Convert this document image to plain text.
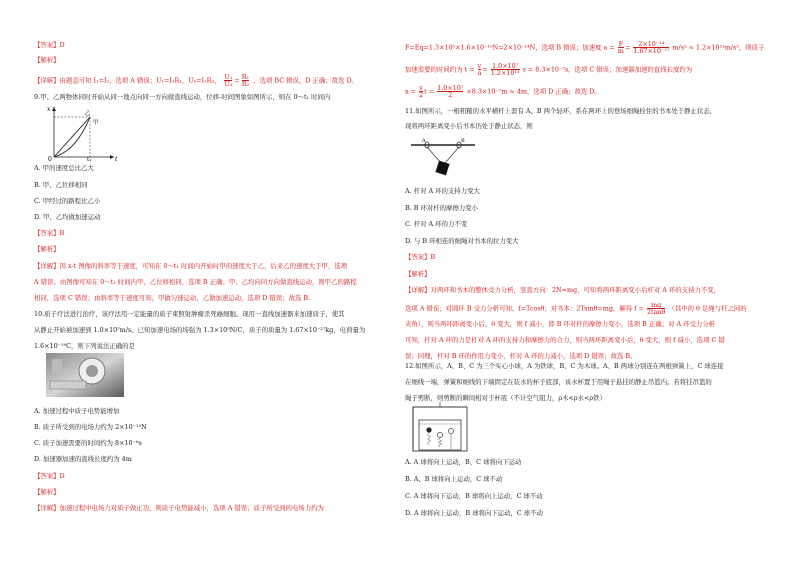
【答案】D
【解析】
【详解】由题意可知 I₁=I₂，选项 A 错误；U₁=I₁R₁，U₂=I₂R₂， $\frac{\text{U₁}}{\text{U₂}} = \frac{\text{R₁}}{\text{R₂}}$ ，选项 BC 错误，D 正确；故选 D。
9.甲、乙两物体同时开始从同一地点向同一方向做直线运动，位移-时间图象如图所示，则在 0～t₁ 时间内
x
t
0	t₁
乙
甲
A. 甲的速度总比乙大
B. 甲、乙位移相同
C. 甲经过的路程比乙小
D. 甲、乙均做加速运动
【答案】B
【解析】
【详解】因 x-t 图像的斜率等于速度，可知在 0～t₁ 时间内开始时甲的速度大于乙，后来乙的速度大于甲，选项
A 错误；由图像可知在 0～t₁ 时间内甲、乙位移相同，选项 B 正确；甲、乙均向同方向做直线运动，则甲乙的路程
相同，选项 C 错误；由斜率等于速度可知，甲做匀速运动，乙做加速运动，选项 D 错误；故选 B.
10.质子疗法进行治疗，该疗法用一定能量的质子束照射肿瘤杀死癌细胞。现用一直线加速器来加速质子，使其
从静止开始被加速到 1.0×10⁷m/s。已知加速电场的场强为 1.3×10⁵N/C，质子的质量为 1.67×10⁻²⁷kg，电荷量为
1.6×10⁻¹⁹C，则下列说法正确的是
A. 加速过程中质子电势能增加
B. 质子所受到的电场力约为 2×10⁻¹⁵N
C. 质子加速需要的时间约为 8×10⁻⁶s
D. 加速器加速的直线长度约为 4m
【答案】D
【解析】
【详解】加速过程中电场力对质子做正功，则质子电势能减小，选项 A 错误；质子所受到的电场力约为
F=Eq=1.3×10⁵×1.6×10⁻¹⁹N=2×10⁻¹⁴N，选项 B 错误；加速度 $a = \frac{F}{m} = \frac{\text{2×10⁻¹⁴}}{\text{1.67×10⁻²⁷}} m/s^2 \approx 1.2\times 10^{13}m/s^2$，则质子
加速需要的时间约为 $t = \frac{v}{a} = \frac{\text{1.0×10⁷}}{\text{1.2×10¹³}}$ s = 8.3×10⁻⁷s，选项 C 错误；加速器加速的直线长度约为
$x = \frac{v}{2}$ $t = \frac{\text{1.0×10⁷}}{2} \times 8.3\times 10^{-7}m \approx 4m$，选项 D 正确；故选 D。
11.如图所示，一根粗糙的水平横杆上套有 A、B 两个轻环，系在两环上的登场细绳拴住的书本处于静止状态，
现将两环距离变小后书本仍处于静止状态，则
A	B
A. 杆对 A 环的支持力变大
B. B 环对杆的摩擦力变小
C. 杆对 A 环的力不变
D. 与 B 环相连的细绳对书本的拉力变大
【答案】B
【解析】
【详解】对两环和书本的整体受力分析，竖直方向：2N=mg，可知将两环距离变小后杆对 A 环的支持力不变，
选项 A 错误；对圆环 B 受力分析可知，f=Tcosθ；对书本：2Tsinθ=mg，解得 $f = \frac{mg}{2\tan\theta}$ （其中的 θ 是绳与杆之间的
夹角），则当两环距离变小后，θ 变大，则 f 减小，即 B 环对杆的摩擦力变小，选项 B 正确；对 A 环受力分析
可知，杆对 A 环的力是杆对 A 环的支持力和摩擦力的合力，则当两环距离变小后，θ 变大，则 f 减小，选项 C 错
误；同理，杆对 B 环的作用力变小，杆对 A 环的力减小，选项 D 错误；故选 B。
12.如图所示，A、B、C 为三个实心小球，A 为铁球，B、C 为木球。A、B 两球分别连在两根弹簧上，C 球连接
在细线一端，弹簧和细线的下端固定在装水的杯子底部，该水杯置于用绳子悬挂的静止吊篮内。若将挂吊篮的
绳子剪断，则剪断的瞬间相对于杯底（不计空气阻力，ρ木<ρ水<ρ铁）
A. A 球将向上运动，B、C 球将向下运动
B. A、B 球将向上运动，C 球不动
C. A 球将向下运动，B 球将向上运动，C 球不动
D. A 球将向上运动，B 球将向下运动，C 球不动
